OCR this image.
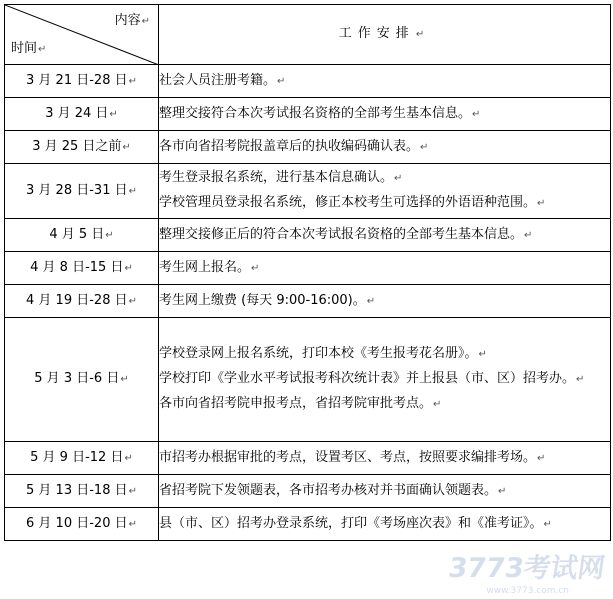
内容↵
时间↵	工作安排↵
3 月 21 日-28 日↵	社会人员注册考籍。↵

3 月 24 日↵	整理交接符合本次考试报名资格的全部考生基本信息。↵

3 月 25 日之前↵	各市向省招考院报盖章后的执收编码确认表。↵

3 月 28 日-31 日↵	考生登录报名系统，进行基本信息确认。↵

学校管理员登录报名系统，修正本校考生可选择的外语语种范围。↵

4 月 5 日↵	整理交接修正后的符合本次考试报名资格的全部考生基本信息。↵

4 月 8 日-15 日↵	考生网上报名。↵

4 月 19 日-28 日↵	考生网上缴费 (每天 9:00-16:00)。↵

5 月 3 日-6 日↵	学校登录网上报名系统，打印本校《考生报考花名册》。↵

学校打印《学业水平考试报考科次统计表》并上报县（市、区）招考办。↵

各市向省招考院申报考点，省招考院审批考点。↵

5 月 9 日-12 日↵	市招考办根据审批的考点，设置考区、考点，按照要求编排考场。↵

5 月 13 日-18 日↵	省招考院下发领题表，各市招考办核对并书面确认领题表。↵

6 月 10 日-20 日↵	县（市、区）招考办登录系统，打印《考场座次表》和《准考证》。↵

3773考试网
www.3773.com.cn
